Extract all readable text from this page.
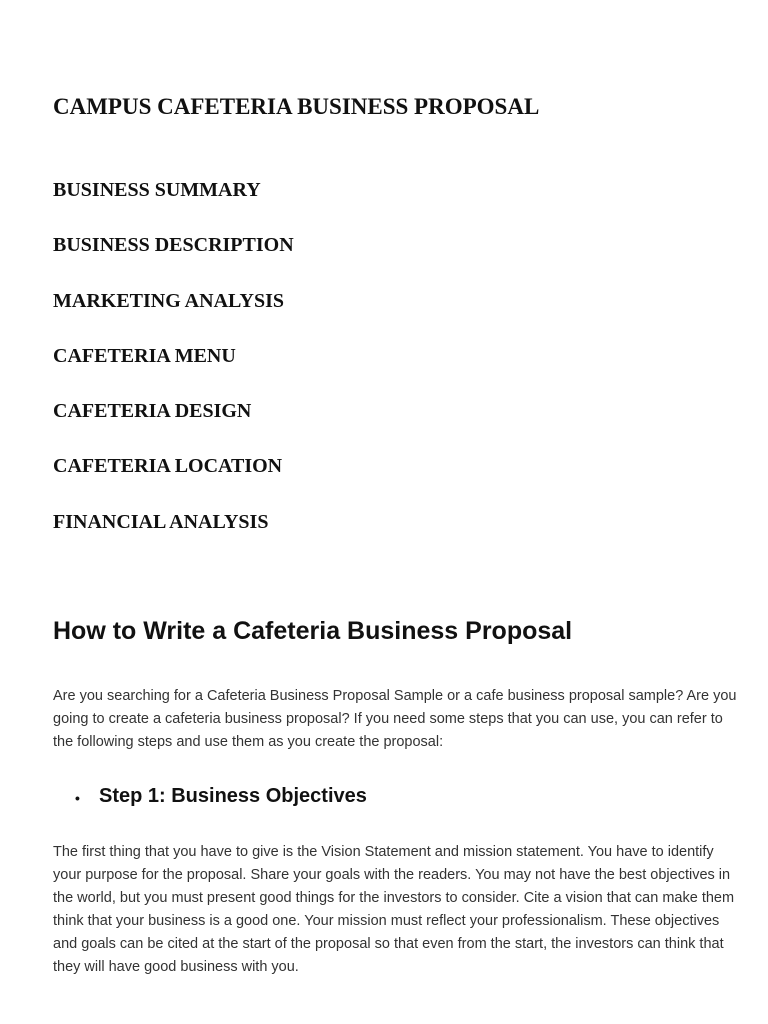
CAMPUS CAFETERIA BUSINESS PROPOSAL
BUSINESS SUMMARY
BUSINESS DESCRIPTION
MARKETING ANALYSIS
CAFETERIA MENU
CAFETERIA DESIGN
CAFETERIA LOCATION
FINANCIAL ANALYSIS
How to Write a Cafeteria Business Proposal

Are you searching for a Cafeteria Business Proposal Sample or a cafe business proposal sample? Are you going to create a cafeteria business proposal? If you need some steps that you can use, you can refer to the following steps and use them as you create the proposal:

• Step 1: Business Objectives

The first thing that you have to give is the Vision Statement and mission statement. You have to identify your purpose for the proposal. Share your goals with the readers. You may not have the best objectives in the world, but you must present good things for the investors to consider. Cite a vision that can make them think that your business is a good one. Your mission must reflect your professionalism. These objectives and goals can be cited at the start of the proposal so that even from the start, the investors can think that they will have good business with you.
